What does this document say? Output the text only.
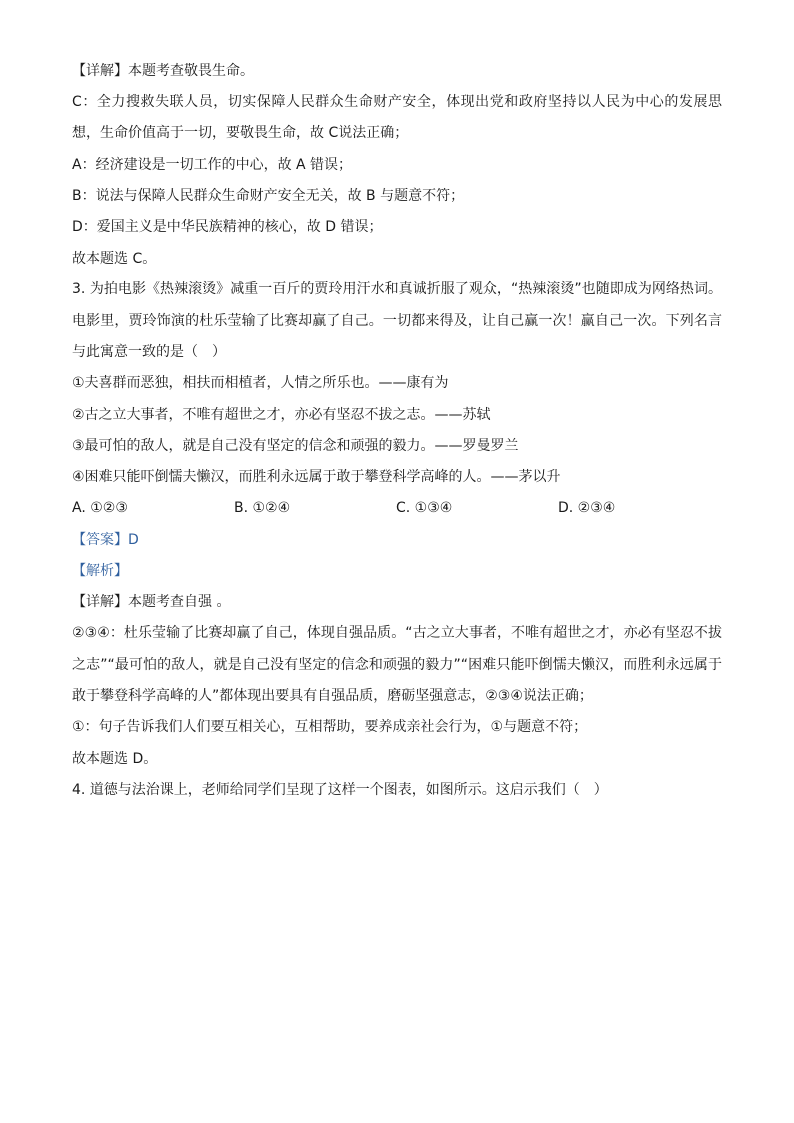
【详解】本题考查敬畏生命。
C：全力搜救失联人员，切实保障人民群众生命财产安全，体现出党和政府坚持以人民为中心的发展思想，生命价值高于一切，要敬畏生命，故 C说法正确；
A：经济建设是一切工作的中心，故 A 错误；
B：说法与保障人民群众生命财产安全无关，故 B 与题意不符；
D：爱国主义是中华民族精神的核心，故 D 错误；
故本题选 C。
3. 为拍电影《热辣滚烫》减重一百斤的贾玲用汗水和真诚折服了观众，“热辣滚烫”也随即成为网络热词。电影里，贾玲饰演的杜乐莹输了比赛却赢了自己。一切都来得及，让自己赢一次！赢自己一次。下列名言与此寓意一致的是（　）
①夫喜群而恶独，相扶而相植者，人情之所乐也。——康有为
②古之立大事者，不唯有超世之才，亦必有坚忍不拔之志。——苏轼
③最可怕的敌人，就是自己没有坚定的信念和顽强的毅力。——罗曼罗兰
④困难只能吓倒懦夫懒汉，而胜利永远属于敢于攀登科学高峰的人。——茅以升
A. ①②③	B. ①②④	C. ①③④	D. ②③④
【答案】D
【解析】
【详解】本题考查自强 。
②③④：杜乐莹输了比赛却赢了自己，体现自强品质。“古之立大事者，不唯有超世之才，亦必有坚忍不拔之志”“最可怕的敌人，就是自己没有坚定的信念和顽强的毅力”“困难只能吓倒懦夫懒汉，而胜利永远属于敢于攀登科学高峰的人”都体现出要具有自强品质，磨砺坚强意志，②③④说法正确；
①：句子告诉我们人们要互相关心，互相帮助，要养成亲社会行为，①与题意不符；
故本题选 D。
4. 道德与法治课上，老师给同学们呈现了这样一个图表，如图所示。这启示我们（　）
